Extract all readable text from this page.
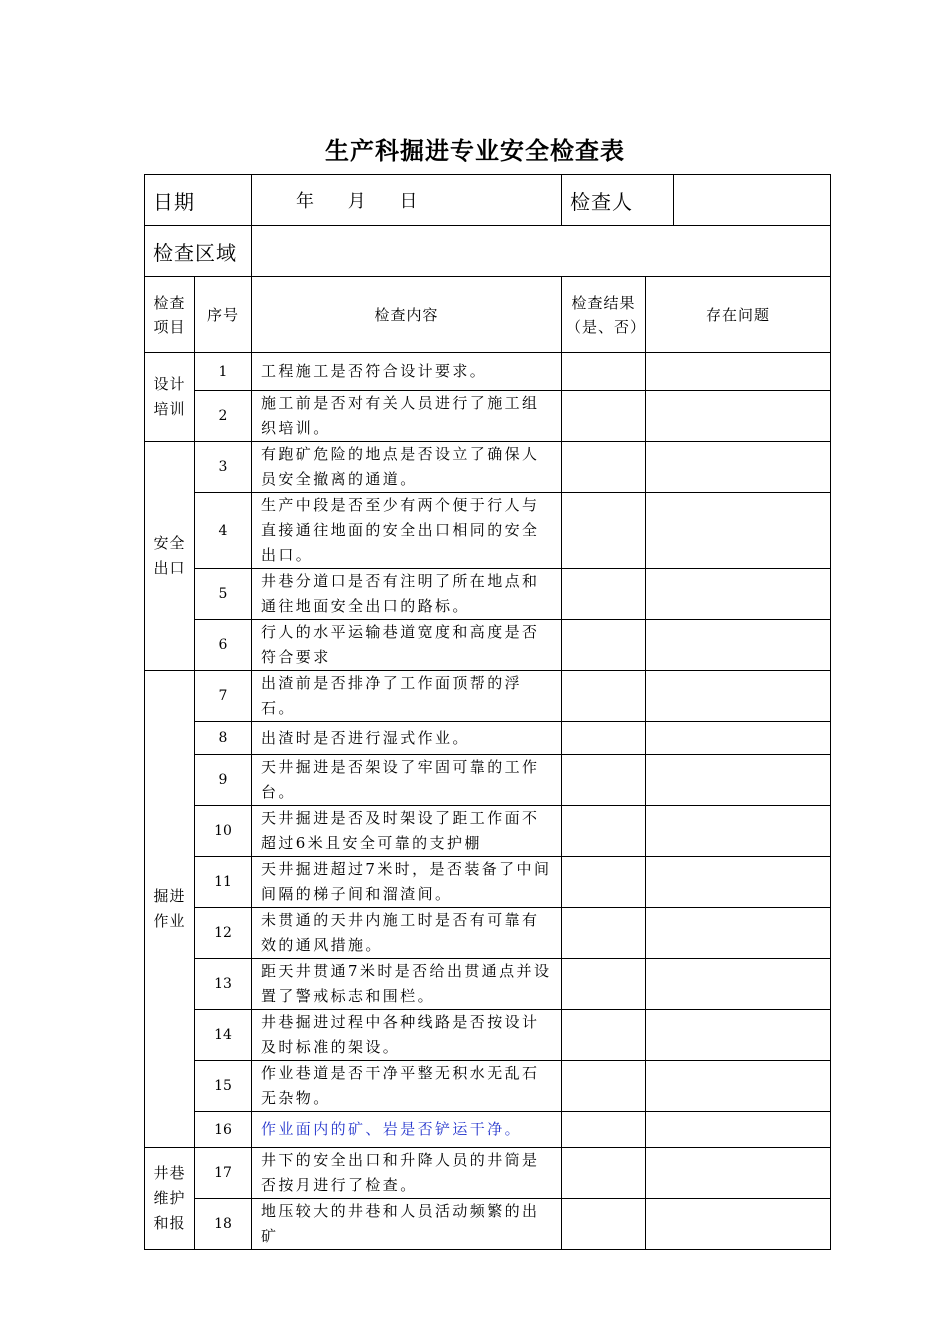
生产科掘进专业安全检查表
日期		年 月 日	检查人	

检查区域				

检查项目	序号	检查内容	检查结果（是、否）	存在问题

设计培训	1	工程施工是否符合设计要求。		
	2	施工前是否对有关人员进行了施工组织培训。		

安全出口	3	有跑矿危险的地点是否设立了确保人员安全撤离的通道。		
	4	生产中段是否至少有两个便于行人与直接通往地面的安全出口相同的安全出口。		
	5	井巷分道口是否有注明了所在地点和通往地面安全出口的路标。		
	6	行人的水平运输巷道宽度和高度是否符合要求		

掘进作业	7	出渣前是否排净了工作面顶帮的浮石。		
	8	出渣时是否进行湿式作业。		
	9	天井掘进是否架设了牢固可靠的工作台。		
	10	天井掘进是否及时架设了距工作面不超过6米且安全可靠的支护棚		
	11	天井掘进超过7米时，是否装备了中间间隔的梯子间和溜渣间。		
	12	未贯通的天井内施工时是否有可靠有效的通风措施。		
	13	距天井贯通7米时是否给出贯通点并设置了警戒标志和围栏。		
	14	井巷掘进过程中各种线路是否按设计及时标准的架设。		
	15	作业巷道是否干净平整无积水无乱石无杂物。		
	16	作业面内的矿、岩是否铲运干净。		

井巷维护和报	17	井下的安全出口和升降人员的井筒是否按月进行了检查。		
	18	地压较大的井巷和人员活动频繁的出矿		
